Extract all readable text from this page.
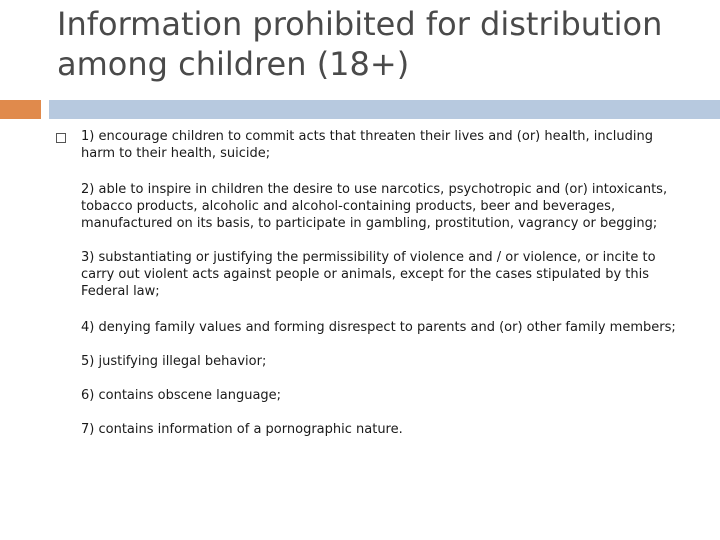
Information prohibited for distribution among children (18+)

1) encourage children to commit acts that threaten their lives and (or) health, including harm to their health, suicide;

2) able to inspire in children the desire to use narcotics, psychotropic and (or) intoxicants, tobacco products, alcoholic and alcohol-containing products, beer and beverages, manufactured on its basis, to participate in gambling, prostitution, vagrancy or begging;

3) substantiating or justifying the permissibility of violence and / or violence, or incite to carry out violent acts against people or animals, except for the cases stipulated by this Federal law;

4) denying family values and forming disrespect to parents and (or) other family members;

5) justifying illegal behavior;

6) contains obscene language;

7) contains information of a pornographic nature.
